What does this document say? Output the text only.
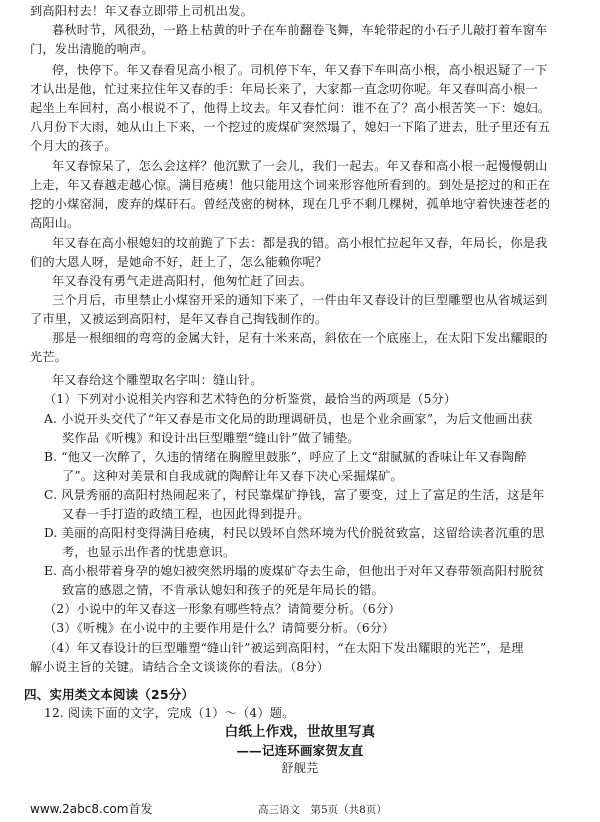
到高阳村去！年又春立即带上司机出发。
暮秋时节，风很劲，一路上枯黄的叶子在车前翻卷飞舞，车轮带起的小石子儿敲打着车窗车
门，发出清脆的响声。
停，快停下。年又春看见高小根了。司机停下车，年又春下车叫高小根，高小根迟疑了一下
才认出是他，忙过来拉住年又春的手：年局长来了，大家都一直念叨你呢。年又春叫高小根一
起坐上车回村，高小根说不了，他得上坟去。年又春忙问：谁不在了？高小根苦笑一下：媳妇。
八月份下大雨，她从山上下来，一个挖过的废煤矿突然塌了，媳妇一下陷了进去，肚子里还有五
个月大的孩子。
年又春惊呆了，怎么会这样？他沉默了一会儿，我们一起去。年又春和高小根一起慢慢朝山
上走，年又春越走越心惊。满目疮痍！他只能用这个词来形容他所看到的。到处是挖过的和正在
挖的小煤窑洞，废弃的煤矸石。曾经茂密的树林，现在几乎不剩几棵树，孤单地守着快速苍老的
高阳山。
年又春在高小根媳妇的坟前跪了下去：都是我的错。高小根忙拉起年又春，年局长，你是我
们的大恩人呀，是她命不好，赶上了，怎么能赖你呢？
年又春没有勇气走进高阳村，他匆忙赶了回去。
三个月后，市里禁止小煤窑开采的通知下来了，一件由年又春设计的巨型雕塑也从省城运到
了市里，又被运到高阳村，是年又春自己掏钱制作的。
那是一根细细的弯弯的金属大针，足有十米来高，斜依在一个底座上，在太阳下发出耀眼的
光芒。
年又春给这个雕塑取名字叫：缝山针。
（1）下列对小说相关内容和艺术特色的分析鉴赏，最恰当的两项是（5分）
A. 小说开头交代了“年又春是市文化局的助理调研员，也是个业余画家”，为后文他画出获
奖作品《听槐》和设计出巨型雕塑“缝山针”做了铺垫。
B. “他又一次醉了，久违的情绪在胸膛里鼓胀”，呼应了上文“甜腻腻的香味让年又春陶醉
了”。这种对美景和自我成就的陶醉让年又春下决心采掘煤矿。
C. 风景秀丽的高阳村热闹起来了，村民靠煤矿挣钱，富了要变，过上了富足的生活，这是年
又春一手打造的政绩工程，也因此得到提升。
D. 美丽的高阳村变得满目疮痍，村民以毁坏自然环境为代价脱贫致富，这留给读者沉重的思
考，也显示出作者的忧患意识。
E. 高小根带着身孕的媳妇被突然坍塌的废煤矿夺去生命，但他出于对年又春带领高阳村脱贫
致富的感恩之情，不肯承认媳妇和孩子的死是年局长的错。
（2）小说中的年又春这一形象有哪些特点？请简要分析。（6分）
（3）《听槐》在小说中的主要作用是什么？请简要分析。（6分）
（4）年又春设计的巨型雕塑“缝山针”被运到高阳村，“在太阳下发出耀眼的光芒”，是理
解小说主旨的关键。请结合全文谈谈你的看法。（8分）
四、实用类文本阅读（25分）
12. 阅读下面的文字，完成（1）～（4）题。
白纸上作戏，世故里写真
——记连环画家贺友直
舒舰芫
www.2abc8.com首发	高三语文　第5页（共8页）
